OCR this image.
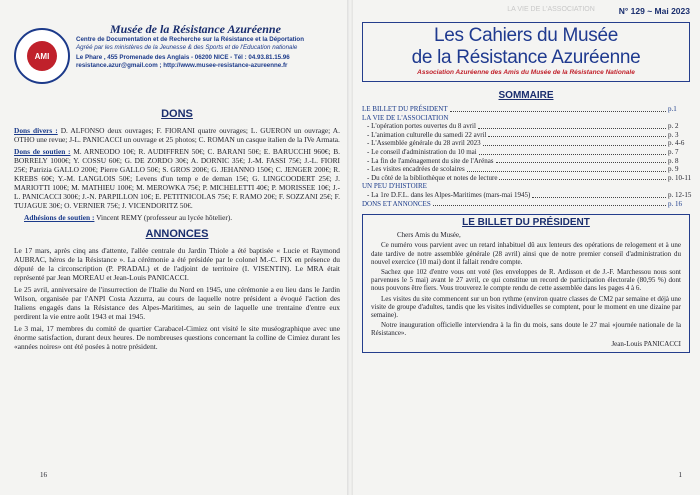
AMI
Musée de la Résistance Azuréenne
Centre de Documentation et de Recherche sur la Résistance et la Déportation
Agréé par les ministères de la Jeunesse & des Sports et de l'Education nationale
Le Phare , 455 Promenade des Anglais - 06200 NICE - Tél : 04.93.81.15.96
resistance.azur@gmail.com ; http://www.musee-resistance-azureenne.fr
DONS

Dons divers : D. ALFONSO deux ouvrages; F. FIORANI quatre ouvrages; L. GUERON un ouvrage; A. OTHO une revue; J-L. PANICACCI un ouvrage et 25 photos; C. ROMAN un casque italien de la IVe Armata.

Dons de soutien : M. ARNEODO 10€; R. AUDIFFREN 50€; C. BARANI 50€; E. BARUCCHI 960€; B. BORRELY 1000€; Y. COSSU 60€; G. DE ZORDO 30€; A. DORNIC 35€; J.-M. FASSI 75€; J.-L. FIORI 25€; Patrizia GALLO 200€; Pierre GALLO 50€; S. GROS 200€; G. JEHANNO 150€; C. JENGER 200€; R. KREBS 60€; Y.-M. LANGLOIS 50€; Levens d'un temp e de deman 15€; G. LINGCOODERT 25€; J. MARIOTTI 100€; M. MATHIEU 100€; M. MEROWKA 75€; P. MICHELETTI 40€; P. MORISSEE 10€; J.-L. PANICACCI 300€; J.-N. PARPILLON 10€; E. PETITNICOLAS 75€; F. RAMO 20€; F. SOZZANI 25€; F. TUJAGUE 30€; O. VERNIER 75€; J. VICENDORITZ 50€.

Adhésions de soutien : Vincent REMY (professeur au lycée hôtelier).

ANNONCES

Le 17 mars, après cinq ans d'attente, l'allée centrale du Jardin Thiole a été baptisée « Lucie et Raymond AUBRAC, héros de la Résistance ». La cérémonie a été présidée par le colonel M.-C. FIX en présence du député de la circonscription (P. PRADAL) et de l'adjoint de territoire (I. VISENTIN). Le MRA était représenté par Jean MOREAU et Jean-Louis PANICACCI.

Le 25 avril, anniversaire de l'insurrection de l'Italie du Nord en 1945, une cérémonie a eu lieu dans le Jardin Wilson, organisée par l'ANPI Costa Azzurra, au cours de laquelle notre président a évoqué l'action des Italiens engagés dans la Résistance des Alpes-Maritimes, au sein de laquelle une trentaine d'entre eux perdirent la vie entre août 1943 et mai 1945.

Le 3 mai, 17 membres du comité de quartier Carabacel-Cimiez ont visité le site muséographique avec une énorme satisfaction, durant deux heures. De nombreuses questions concernant la colline de Cimiez durant les «années noires» ont été posées à notre président.

16
LA VIE DE L'ASSOCIATION	N° 129 ~ Mai 2023
Les Cahiers du Musée
de la Résistance Azuréenne
Association Azuréenne des Amis du Musée de la Résistance Nationale
SOMMAIRE
LE BILLET DU PRÉSIDENT	p.1
LA VIE DE L'ASSOCIATION
- L'opération portes ouvertes du 8 avril	p. 2
- L'animation culturelle du samedi 22 avril	p. 3
- L'Assemblée générale du 28 avril 2023	p. 4-6
- Le conseil d'administration du 10 mai	p. 7
- La fin de l'aménagement du site de l'Arénas	p. 8
- Les visites encadrées de scolaires	p. 9
- Du côté de la bibliothèque et notes de lecture	p. 10-11
UN PEU D'HISTOIRE
- La 1re D.F.L. dans les Alpes-Maritimes (mars-mai 1945)	p. 12-15
DONS ET ANNONCES	p. 16
LE BILLET DU PRÉSIDENT

Chers Amis du Musée,

Ce numéro vous parvient avec un retard inhabituel dû aux lenteurs des opérations de relogement et à une date tardive de notre assemblée générale (28 avril) ainsi que de notre premier conseil d'administration du nouvel exercice (10 mai) dont il fallait rendre compte.

Sachez que 102 d'entre vous ont voté (les enveloppes de R. Ardisson et de J.-F. Marchessou nous sont parvenues le 5 mai) avant le 27 avril, ce qui constitue un record de participation électorale (80,95 %) dont nous pouvons être fiers. Vous trouverez le compte rendu de cette assemblée dans les pages 4 à 6.

Les visites du site commencent sur un bon rythme (environ quatre classes de CM2 par semaine et déjà une visite de groupe d'adultes, tandis que les visites individuelles se comptent, pour le moment en une dizaine par semaine).

Notre inauguration officielle interviendra à la fin du mois, sans doute le 27 mai «journée nationale de la Résistance».

Jean-Louis PANICACCI
1
